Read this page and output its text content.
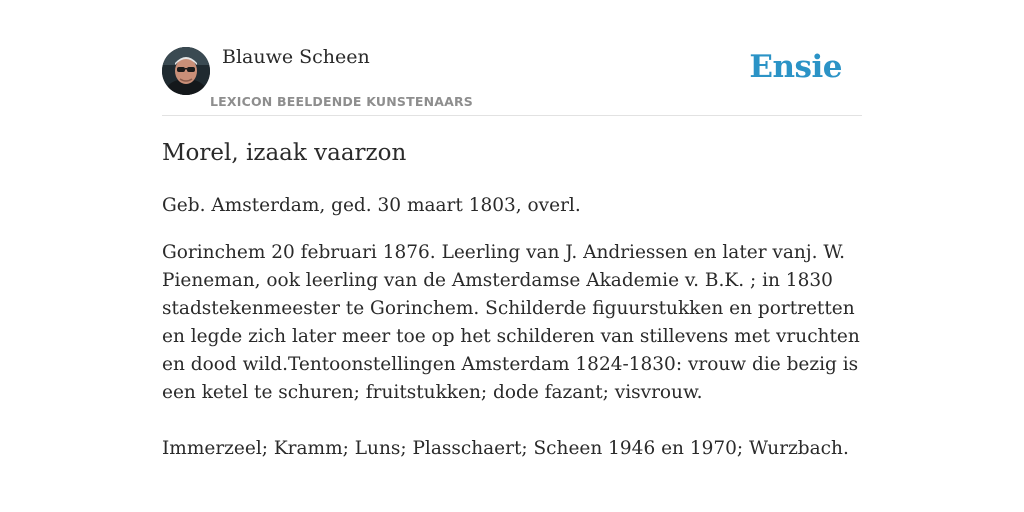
Blauwe Scheen
LEXICON BEELDENDE KUNSTENAARS
Ensie
Morel, izaak vaarzon
Geb. Amsterdam, ged. 30 maart 1803, overl.
Gorinchem 20 februari 1876. Leerling van J. Andriessen en later vanj. W. Pieneman, ook leerling van de Amsterdamse Akademie v. B.K. ; in 1830 stadstekenmeester te Gorinchem. Schilderde figuurstukken en portretten en legde zich later meer toe op het schilderen van stillevens met vruchten en dood wild.Tentoonstellingen Amsterdam 1824-1830: vrouw die bezig is een ketel te schuren; fruitstukken; dode fazant; visvrouw.
Immerzeel; Kramm; Luns; Plasschaert; Scheen 1946 en 1970; Wurzbach.
